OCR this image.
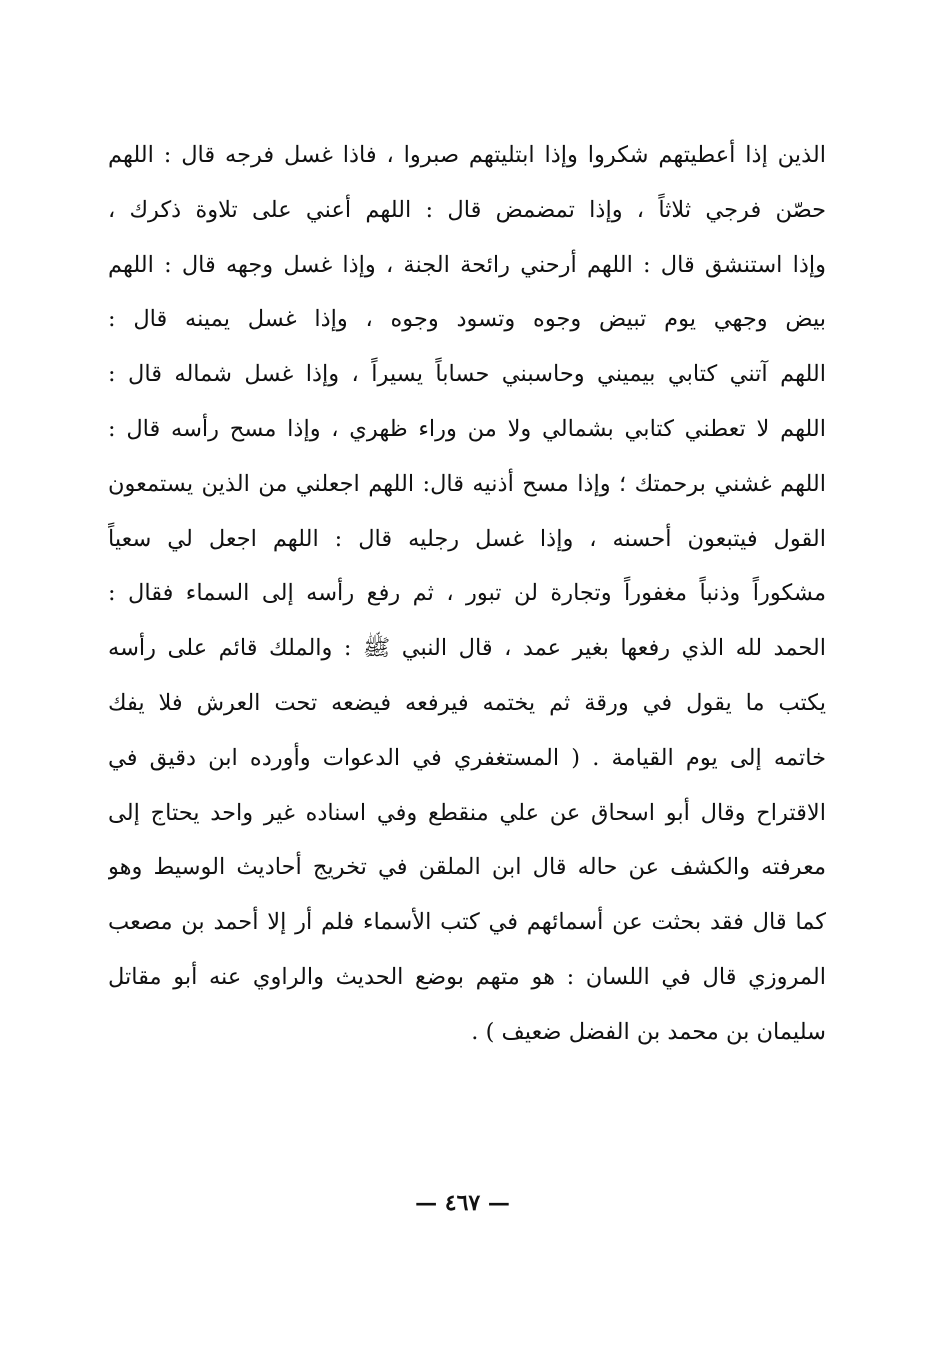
الذين إذا أعطيتهم شكروا وإذا ابتليتهم صبروا ، فاذا غسل فرجه قال : اللهم
حصّن فرجي ثلاثاً ، وإذا تمضمض قال : اللهم أعني على تلاوة ذكرك ،
وإذا استنشق قال : اللهم أرحني رائحة الجنة ، وإذا غسل وجهه قال : اللهم
بيض وجهي يوم تبيض وجوه وتسود وجوه ، وإذا غسل يمينه قال :
اللهم آتني كتابي بيميني وحاسبني حساباً يسيراً ، وإذا غسل شماله قال :
اللهم لا تعطني كتابي بشمالي ولا من وراء ظهري ، وإذا مسح رأسه قال :
اللهم غشني برحمتك ؛ وإذا مسح أذنيه قال: اللهم اجعلني من الذين يستمعون
القول فيتبعون أحسنه ، وإذا غسل رجليه قال : اللهم اجعل لي سعياً
مشكوراً وذنباً مغفوراً وتجارة لن تبور ، ثم رفع رأسه إلى السماء فقال :
الحمد لله الذي رفعها بغير عمد ، قال النبي ﷺ : والملك قائم على رأسه
يكتب ما يقول في ورقة ثم يختمه فيرفعه فيضعه تحت العرش فلا يفك
خاتمه إلى يوم القيامة . ( المستغفري في الدعوات وأورده ابن دقيق في
الاقتراح وقال أبو اسحاق عن علي منقطع وفي اسناده غير واحد يحتاج إلى
معرفته والكشف عن حاله قال ابن الملقن في تخريج أحاديث الوسيط وهو
كما قال فقد بحثت عن أسمائهم في كتب الأسماء فلم أر إلا أحمد بن مصعب
المروزي قال في اللسان : هو متهم بوضع الحديث والراوي عنه أبو مقاتل
سليمان بن محمد بن الفضل ضعيف ) .
— ٤٦٧ —
